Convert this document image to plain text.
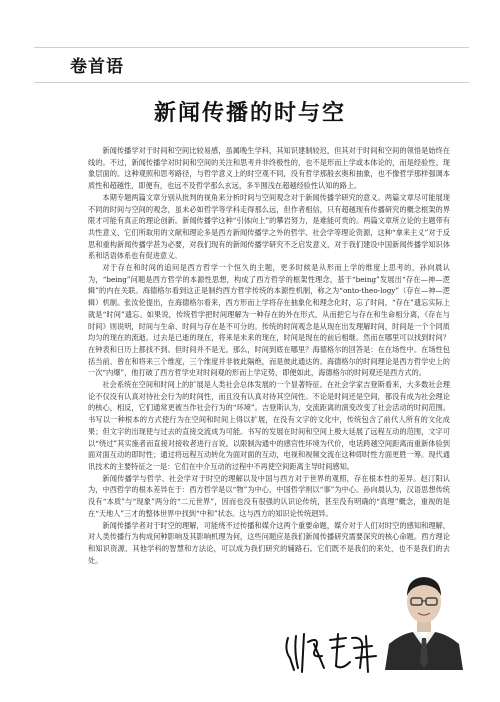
卷首语
新闻传播的时与空

新闻传播学对于时间和空间比较易感，虽属晚生学科，其知识建制较迟，但其对于时间和空间的领悟是始终在线的。不过，新闻传播学对时间和空间的关注和思考并非终极性的，也不是形而上学或本体论的，而是经验性、现象层面的。这种观照和思考路径，与哲学意义上的时空观不同，没有哲学那般玄奥和抽象，也不像哲学那样强调本质性和超越性，即便有，也远不及哲学那么玄远，多半囿浅在超越经验性认知的路上。

本期专题两篇文章分别从批判的视角来分析时间与空间观念对于新闻传播学研究的意义。两篇文章尽可能展现不同的时间与空间的观念，虽未必如哲学等学科走得那么远，但作者相信，只有超越现有传播研究的概念框架的界限才可能有真正的理论创新。新闻传播学这种“引体向上”的攀岩努力，是难能可贵的。两篇文章所立论的主题带有共性意义，它们所取用的文献和理论多是西方新闻传播学之外的哲学、社会学等理论资源，这种“拿来主义”对于反思和重构新闻传播学甚为必要，对我们现有的新闻传播学研究不乏启发意义，对于我们建设中国新闻传播学知识体系和话语体系也有促进意义。

对于存在和时间的追问是西方哲学一个恒久的主题，更多时候是从形而上学的维度上思考的，孙向晨认为，“being”问题是西方哲学的本源性思想，构成了西方哲学的框架性理念，基于“being”发展出“存在—神—逻辑”的内在关联。海德格尔看到这正是制约西方哲学传统的本源性机制，称之为“onto-theo-logy”（存在—神—逻辑）机制。张汝伦提出，在海德格尔看来，西方形而上学将存在抽象化和理念化时，忘了时间，“存在”遗忘实际上就是“时间”遗忘。如果说，传统哲学把时间理解为一种存在的外在形式，从而把它与存在和生命相分离，《存在与时间》则说明，时间与生命、时间与存在是不可分的。传统的时间观念是从现在出发理解时间，时间是一个个同质均匀的现在的流逝。过去是已逝的现在，将来是未来的现在，时间是现在的前后相继。然而在哪里可以找到时间？在钟表和日历上都找不到。但时间并不是无。那么，时间到底在哪里？海德格尔的回答是：在在场性中。在场性包括当前、曾在和将来三个维度，三个维度并非彼此隔绝，而是彼此通达的。海德格尔的时间理论是西方哲学史上的一次“内爆”，他打破了西方哲学史对时间观的形而上学定势，即便如此，海德格尔的时间观还是西方式的。

社会系统在空间和时间上的扩展是人类社会总体发展的一个显著特征。在社会学家吉登斯看来，大多数社会理论不仅没有认真对待社会行为的时间性，而且没有认真对待其空间性。不论是时间还是空间，都没有成为社会理论的核心，相反，它们通常更被当作社会行为的“环境”。吉登斯认为，交流距离的演变改变了社会活动的时间范围。书写以一种根本的方式使行为在空间和时间上得以扩展，在没有文字的文化中，传统包含了前代人所有的文化成果；但文字的出现使与过去的直接交流成为可能。书写的发展在时间和空间上极大延展了远程互动的范围，文字可以“绕过”其实施者而直接对接收者进行言说。以限制沟通中的感官性环境为代价，电话跨越空间距离而重新体验到面对面互动的即时性；通过将远程互动转化为面对面的互动，电视和视频交流在这种即时性方面更胜一筹。现代通讯技术的主要特征之一是：它们在中介互动的过程中不再使空间距离主导时间感知。

新闻传播学与哲学、社会学对于时空的理解以及中国与西方对于世界的观照，存在根本性的差异。赵汀阳认为，中西哲学的根本差异在于：西方哲学是以“物”为中心，中国哲学则以“事”为中心。孙向晨认为，汉语思想传统没有“本质”与“现象”两分的“二元世界”，因而也没有很强的认识论传统，甚至没有明确的“真理”概念，重视的是在“天地人”三才的整体世界中找到“中和”状态。这与西方的知识论传统迥异。

新闻传播学者对于时空的理解，可能绕不过传播和媒介这两个重要命题，媒介对于人们对时空的感知和理解，对人类传播行为构成何种影响及其影响机理为何，这些问题应是我们新闻传播研究需要深究的核心命题。西方理论和知识资源、其他学科的智慧和方法论，可以成为我们研究的辅路石。它们既不是我们的来处，也不是我们的去处。
